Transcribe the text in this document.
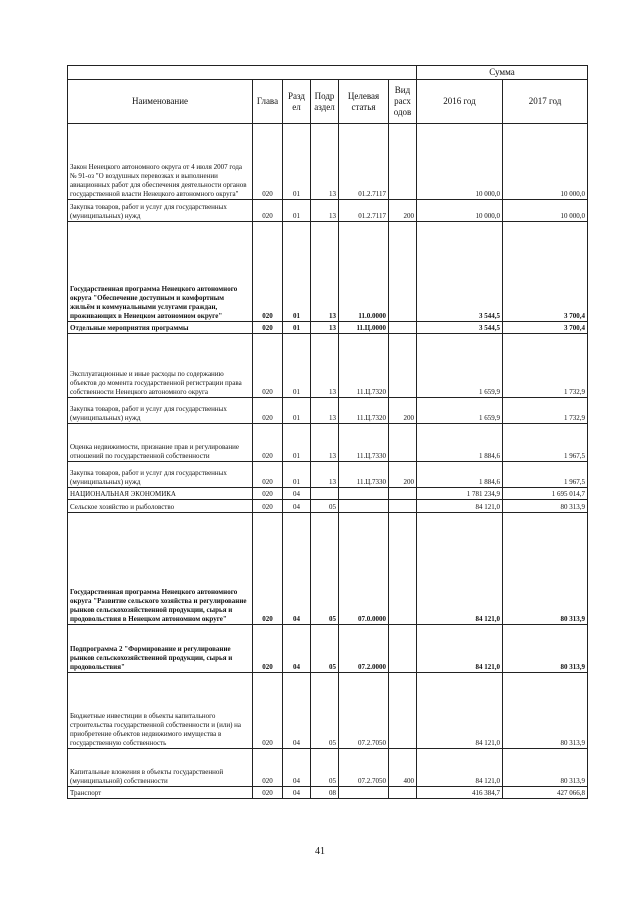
						Сумма	
Наименование	Глава	Разд ел	Подр аздел	Целевая статья	Вид расх одов	2016 год	2017 год
Закон Ненецкого автономного округа от 4 июля 2007 года № 91-оз "О воздушных перевозках и выполнении авиационных работ для обеспечения деятельности органов государственной власти Ненецкого автономного округа"	020	01	13	01.2.7117		10 000,0	10 000,0
Закупка товаров, работ и услуг для государственных (муниципальных) нужд	020	01	13	01.2.7117	200	10 000,0	10 000,0
Государственная программа Ненецкого автономного округа "Обеспечение доступным и комфортным жильём и коммунальными услугами граждан, проживающих в Ненецком автономном округе"	020	01	13	11.0.0000		3 544,5	3 700,4
Отдельные мероприятия программы	020	01	13	11.Ц.0000		3 544,5	3 700,4
Эксплуатационные и иные расходы по содержанию объектов до момента государственной регистрации права собственности Ненецкого автономного округа	020	01	13	11.Ц.7320		1 659,9	1 732,9
Закупка товаров, работ и услуг для государственных (муниципальных) нужд	020	01	13	11.Ц.7320	200	1 659,9	1 732,9
Оценка недвижимости, признание прав и регулирование отношений по государственной собственности	020	01	13	11.Ц.7330		1 884,6	1 967,5
Закупка товаров, работ и услуг для государственных (муниципальных) нужд	020	01	13	11.Ц.7330	200	1 884,6	1 967,5
НАЦИОНАЛЬНАЯ ЭКОНОМИКА	020	04				1 781 234,9	1 695 014,7
Сельское хозяйство и рыболовство	020	04	05			84 121,0	80 313,9
Государственная программа Ненецкого автономного округа "Развитие сельского хозяйства и регулирование рынков сельскохозяйственной продукции, сырья и продовольствия в Ненецком автономном округе"	020	04	05	07.0.0000		84 121,0	80 313,9
Подпрограмма 2 "Формирование и регулирование рынков сельскохозяйственной продукции, сырья и продовольствия"	020	04	05	07.2.0000		84 121,0	80 313,9
Бюджетные инвестиции в объекты капитального строительства государственной собственности и (или) на приобретение объектов недвижимого имущества в государственную собственность	020	04	05	07.2.7050		84 121,0	80 313,9
Капитальные вложения в объекты государственной (муниципальной) собственности	020	04	05	07.2.7050	400	84 121,0	80 313,9
Транспорт	020	04	08			416 384,7	427 066,8
41
